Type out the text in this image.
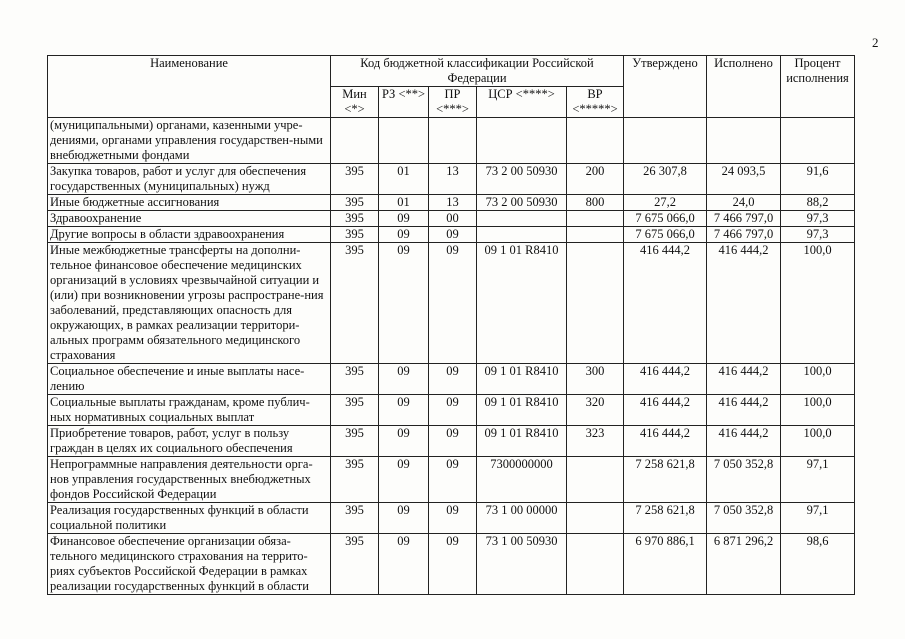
2
Наименование	Код бюджетной классификации Российской Федерации					Утверждено	Исполнено	Процент исполнения
	Мин <*>	РЗ <**>	ПР <***>	ЦСР <****>	ВР <*****>			
(муниципальными) органами, казенными учре-дениями, органами управления государствен-ными внебюджетными фондами								
Закупка товаров, работ и услуг для обеспечения государственных (муниципальных) нужд	395	01	13	73 2 00 50930	200	26 307,8	24 093,5	91,6
Иные бюджетные ассигнования	395	01	13	73 2 00 50930	800	27,2	24,0	88,2
Здравоохранение	395	09	00			7 675 066,0	7 466 797,0	97,3
Другие вопросы в области здравоохранения	395	09	09			7 675 066,0	7 466 797,0	97,3
Иные межбюджетные трансферты на дополни-тельное финансовое обеспечение медицинских организаций в условиях чрезвычайной ситуации и (или) при возникновении угрозы распростране-ния заболеваний, представляющих опасность для окружающих, в рамках реализации территори-альных программ обязательного медицинского страхования	395	09	09	09 1 01 R8410		416 444,2	416 444,2	100,0
Социальное обеспечение и иные выплаты насе-лению	395	09	09	09 1 01 R8410	300	416 444,2	416 444,2	100,0
Социальные выплаты гражданам, кроме публич-ных нормативных социальных выплат	395	09	09	09 1 01 R8410	320	416 444,2	416 444,2	100,0
Приобретение товаров, работ, услуг в пользу граждан в целях их социального обеспечения	395	09	09	09 1 01 R8410	323	416 444,2	416 444,2	100,0
Непрограммные направления деятельности орга-нов управления государственных внебюджетных фондов Российской Федерации	395	09	09	7300000000		7 258 621,8	7 050 352,8	97,1
Реализация государственных функций в области социальной политики	395	09	09	73 1 00 00000		7 258 621,8	7 050 352,8	97,1
Финансовое обеспечение организации обяза-тельного медицинского страхования на террито-риях субъектов Российской Федерации в рамках реализации государственных функций в области	395	09	09	73 1 00 50930		6 970 886,1	6 871 296,2	98,6
